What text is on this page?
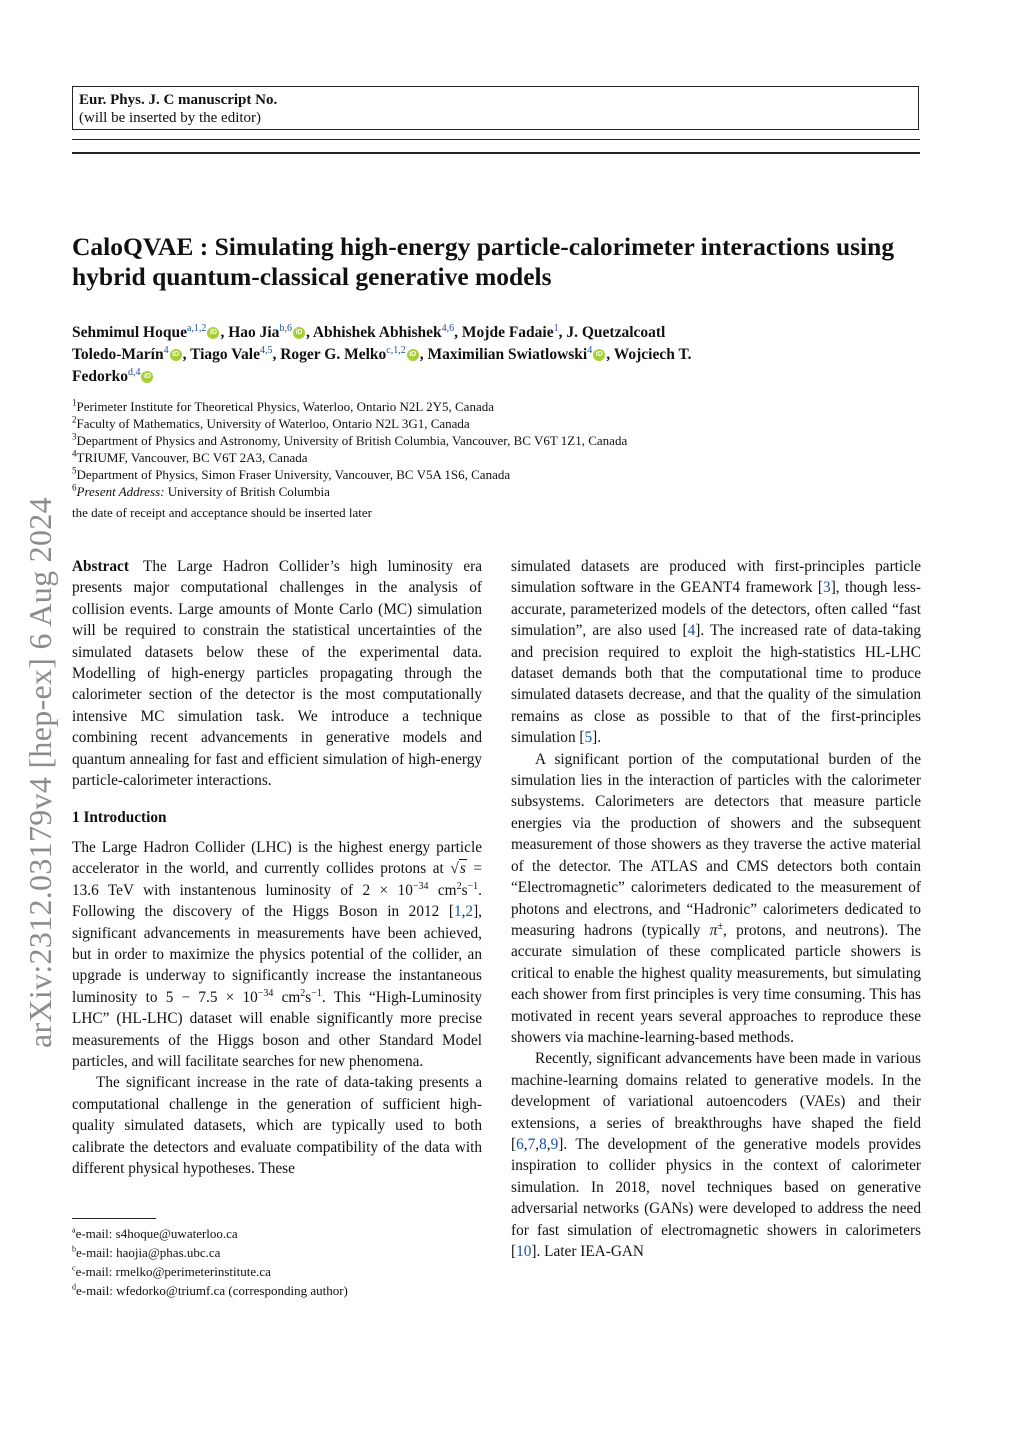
Eur. Phys. J. C manuscript No.
(will be inserted by the editor)
CaloQVAE : Simulating high-energy particle-calorimeter interactions using hybrid quantum-classical generative models
Sehmimul Hoque$^{a,1,2}$ iD , Hao Jia$^{b,6}$ iD , Abhishek Abhishek$^{4,6}$, Mojde Fadaie$^1$, J. Quetzalcoatl Toledo-Marín$^4$ iD , Tiago Vale$^{4,5}$, Roger G. Melko$^{c,1,2}$ iD , Maximilian Swiatlowski$^4$ iD , Wojciech T. Fedorko$^{d,4}$ iD
$^1$Perimeter Institute for Theoretical Physics, Waterloo, Ontario N2L 2Y5, Canada
$^2$Faculty of Mathematics, University of Waterloo, Ontario N2L 3G1, Canada
$^3$Department of Physics and Astronomy, University of British Columbia, Vancouver, BC V6T 1Z1, Canada
$^4$TRIUMF, Vancouver, BC V6T 2A3, Canada
$^5$Department of Physics, Simon Fraser University, Vancouver, BC V5A 1S6, Canada
$^6$Present Address: University of British Columbia
the date of receipt and acceptance should be inserted later
arXiv:2312.03179v4 [hep-ex] 6 Aug 2024 Abstract The Large Hadron Collider’s high luminosity era presents major computational challenges in the analysis of collision events. Large amounts of Monte Carlo (MC) simulation will be required to constrain the statistical uncertainties of the simulated datasets below these of the experimental data. Modelling of high-energy particles propagating through the calorimeter section of the detector is the most computationally intensive MC simulation task. We introduce a technique combining recent advancements in generative models and quantum annealing for fast and efficient simulation of high-energy particle-calorimeter interactions.

1 Introduction

The Large Hadron Collider (LHC) is the highest energy particle accelerator in the world, and currently collides protons at √s = 13.6 TeV with instantenous luminosity of $2 \times 10^{-34}$ $cm^2s^{-1}$. Following the discovery of the Higgs Boson in 2012 [1,2], significant advancements in measurements have been achieved, but in order to maximize the physics potential of the collider, an upgrade is underway to significantly increase the instantaneous luminosity to $5 - 7.5 \times 10^{-34}$ $cm^2s^{-1}$. This “High-Luminosity LHC” (HL-LHC) dataset will enable significantly more precise measurements of the Higgs boson and other Standard Model particles, and will facilitate searches for new phenomena.

The significant increase in the rate of data-taking presents a computational challenge in the generation of sufficient high-quality simulated datasets, which are typically used to both calibrate the detectors and evaluate compatibility of the data with different physical hypotheses. These

simulated datasets are produced with first-principles particle simulation software in the GEANT4 framework [3], though less-accurate, parameterized models of the detectors, often called “fast simulation”, are also used [4]. The increased rate of data-taking and precision required to exploit the high-statistics HL-LHC dataset demands both that the computational time to produce simulated datasets decrease, and that the quality of the simulation remains as close as possible to that of the first-principles simulation [5].

A significant portion of the computational burden of the simulation lies in the interaction of particles with the calorimeter subsystems. Calorimeters are detectors that measure particle energies via the production of showers and the subsequent measurement of those showers as they traverse the active material of the detector. The ATLAS and CMS detectors both contain “Electromagnetic” calorimeters dedicated to the measurement of photons and electrons, and “Hadronic” calorimeters dedicated to measuring hadrons (typically π±, protons, and neutrons). The accurate simulation of these complicated particle showers is critical to enable the highest quality measurements, but simulating each shower from first principles is very time consuming. This has motivated in recent years several approaches to reproduce these showers via machine-learning-based methods.

Recently, significant advancements have been made in various machine-learning domains related to generative models. In the development of variational autoencoders (VAEs) and their extensions, a series of breakthroughs have shaped the field [6,7,8,9]. The development of the generative models provides inspiration to collider physics in the context of calorimeter simulation. In 2018, novel techniques based on generative adversarial networks (GANs) were developed to address the need for fast simulation of electromagnetic showers in calorimeters [10]. Later IEA-GAN

$^a$e-mail: s4hoque@uwaterloo.ca
$^b$e-mail: haojia@phas.ubc.ca
$^c$e-mail: rmelko@perimeterinstitute.ca
$^d$e-mail: wfedorko@triumf.ca (corresponding author)
